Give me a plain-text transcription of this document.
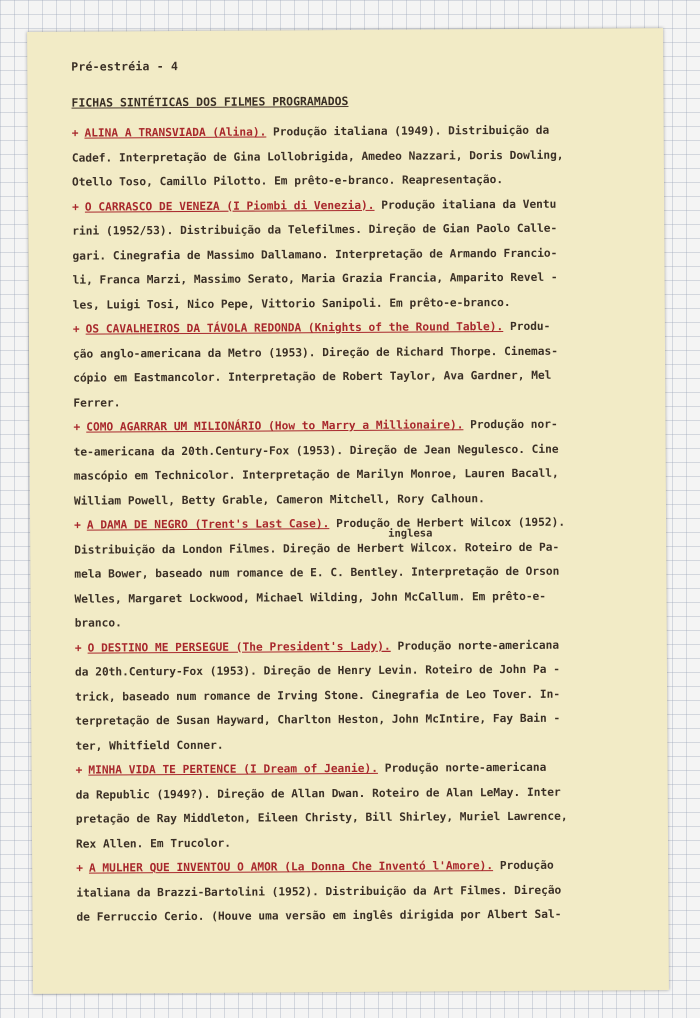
Pré-estréia - 4
FICHAS SINTÉTICAS DOS FILMES PROGRAMADOS
+ ALINA A TRANSVIADA (Alina). Produção italiana (1949). Distribuição da
Cadef. Interpretação de Gina Lollobrigida, Amedeo Nazzari, Doris Dowling,
Otello Toso, Camillo Pilotto. Em prêto-e-branco. Reapresentação.
+ O CARRASCO DE VENEZA (I Piombi di Venezia). Produção italiana da Ventu
rini (1952/53). Distribuição da Telefilmes. Direção de Gian Paolo Calle-
gari. Cinegrafia de Massimo Dallamano. Interpretação de Armando Franciо-
li, Franca Marzi, Massimo Serato, Maria Grazia Francia, Amparito Revel -
les, Luigi Tosi, Nico Pepe, Vittorio Sanipoli. Em prêto-e-branco.
+ OS CAVALHEIROS DA TÁVOLA REDONDA (Knights of the Round Table). Produ-
ção anglo-americana da Metro (1953). Direção de Richard Thorpe. Cinemas-
cópio em Eastmancolor. Interpretação de Robert Taylor, Ava Gardner, Mel
Ferrer.
+ COMO AGARRAR UM MILIONÁRIO (How to Marry a Millionaire). Produção nor-
te-americana da 20th.Century-Fox (1953). Direção de Jean Negulesco. Cine
mascópio em Technicolor. Interpretação de Marilyn Monroe, Lauren Bacall,
William Powell, Betty Grable, Cameron Mitchell, Rory Calhoun.
+ A DAMA DE NEGRO (Trent's Last Case). Produção de Herbert Wilcox (1952).
Distribuição da London Filmes. Direção de Herbert Wilcox. Roteiro de Pa-
mela Bower, baseado num romance de E. C. Bentley. Interpretação de Orson
Welles, Margaret Lockwood, Michael Wilding, John McCallum. Em prêto-e-
branco.
+ O DESTINO ME PERSEGUE (The President's Lady). Produção norte-americana
da 20th.Century-Fox (1953). Direção de Henry Levin. Roteiro de John Pa -
trick, baseado num romance de Irving Stone. Cinegrafia de Leo Tover. In-
terpretação de Susan Hayward, Charlton Heston, John McIntire, Fay Bain -
ter, Whitfield Conner.
+ MINHA VIDA TE PERTENCE (I Dream of Jeanie). Produção norte-americana
da Republic (1949?). Direção de Allan Dwan. Roteiro de Alan LeMay. Inter
pretação de Ray Middleton, Eileen Christy, Bill Shirley, Muriel Lawrence,
Rex Allen. Em Trucolor.
+ A MULHER QUE INVENTOU O AMOR (La Donna Che Inventó l'Amore). Produção
italiana da Brazzi-Bartolini (1952). Distribuição da Art Filmes. Direção
de Ferruccio Cerio. (Houve uma versão em inglês dirigida por Albert Sal-
inglesa
